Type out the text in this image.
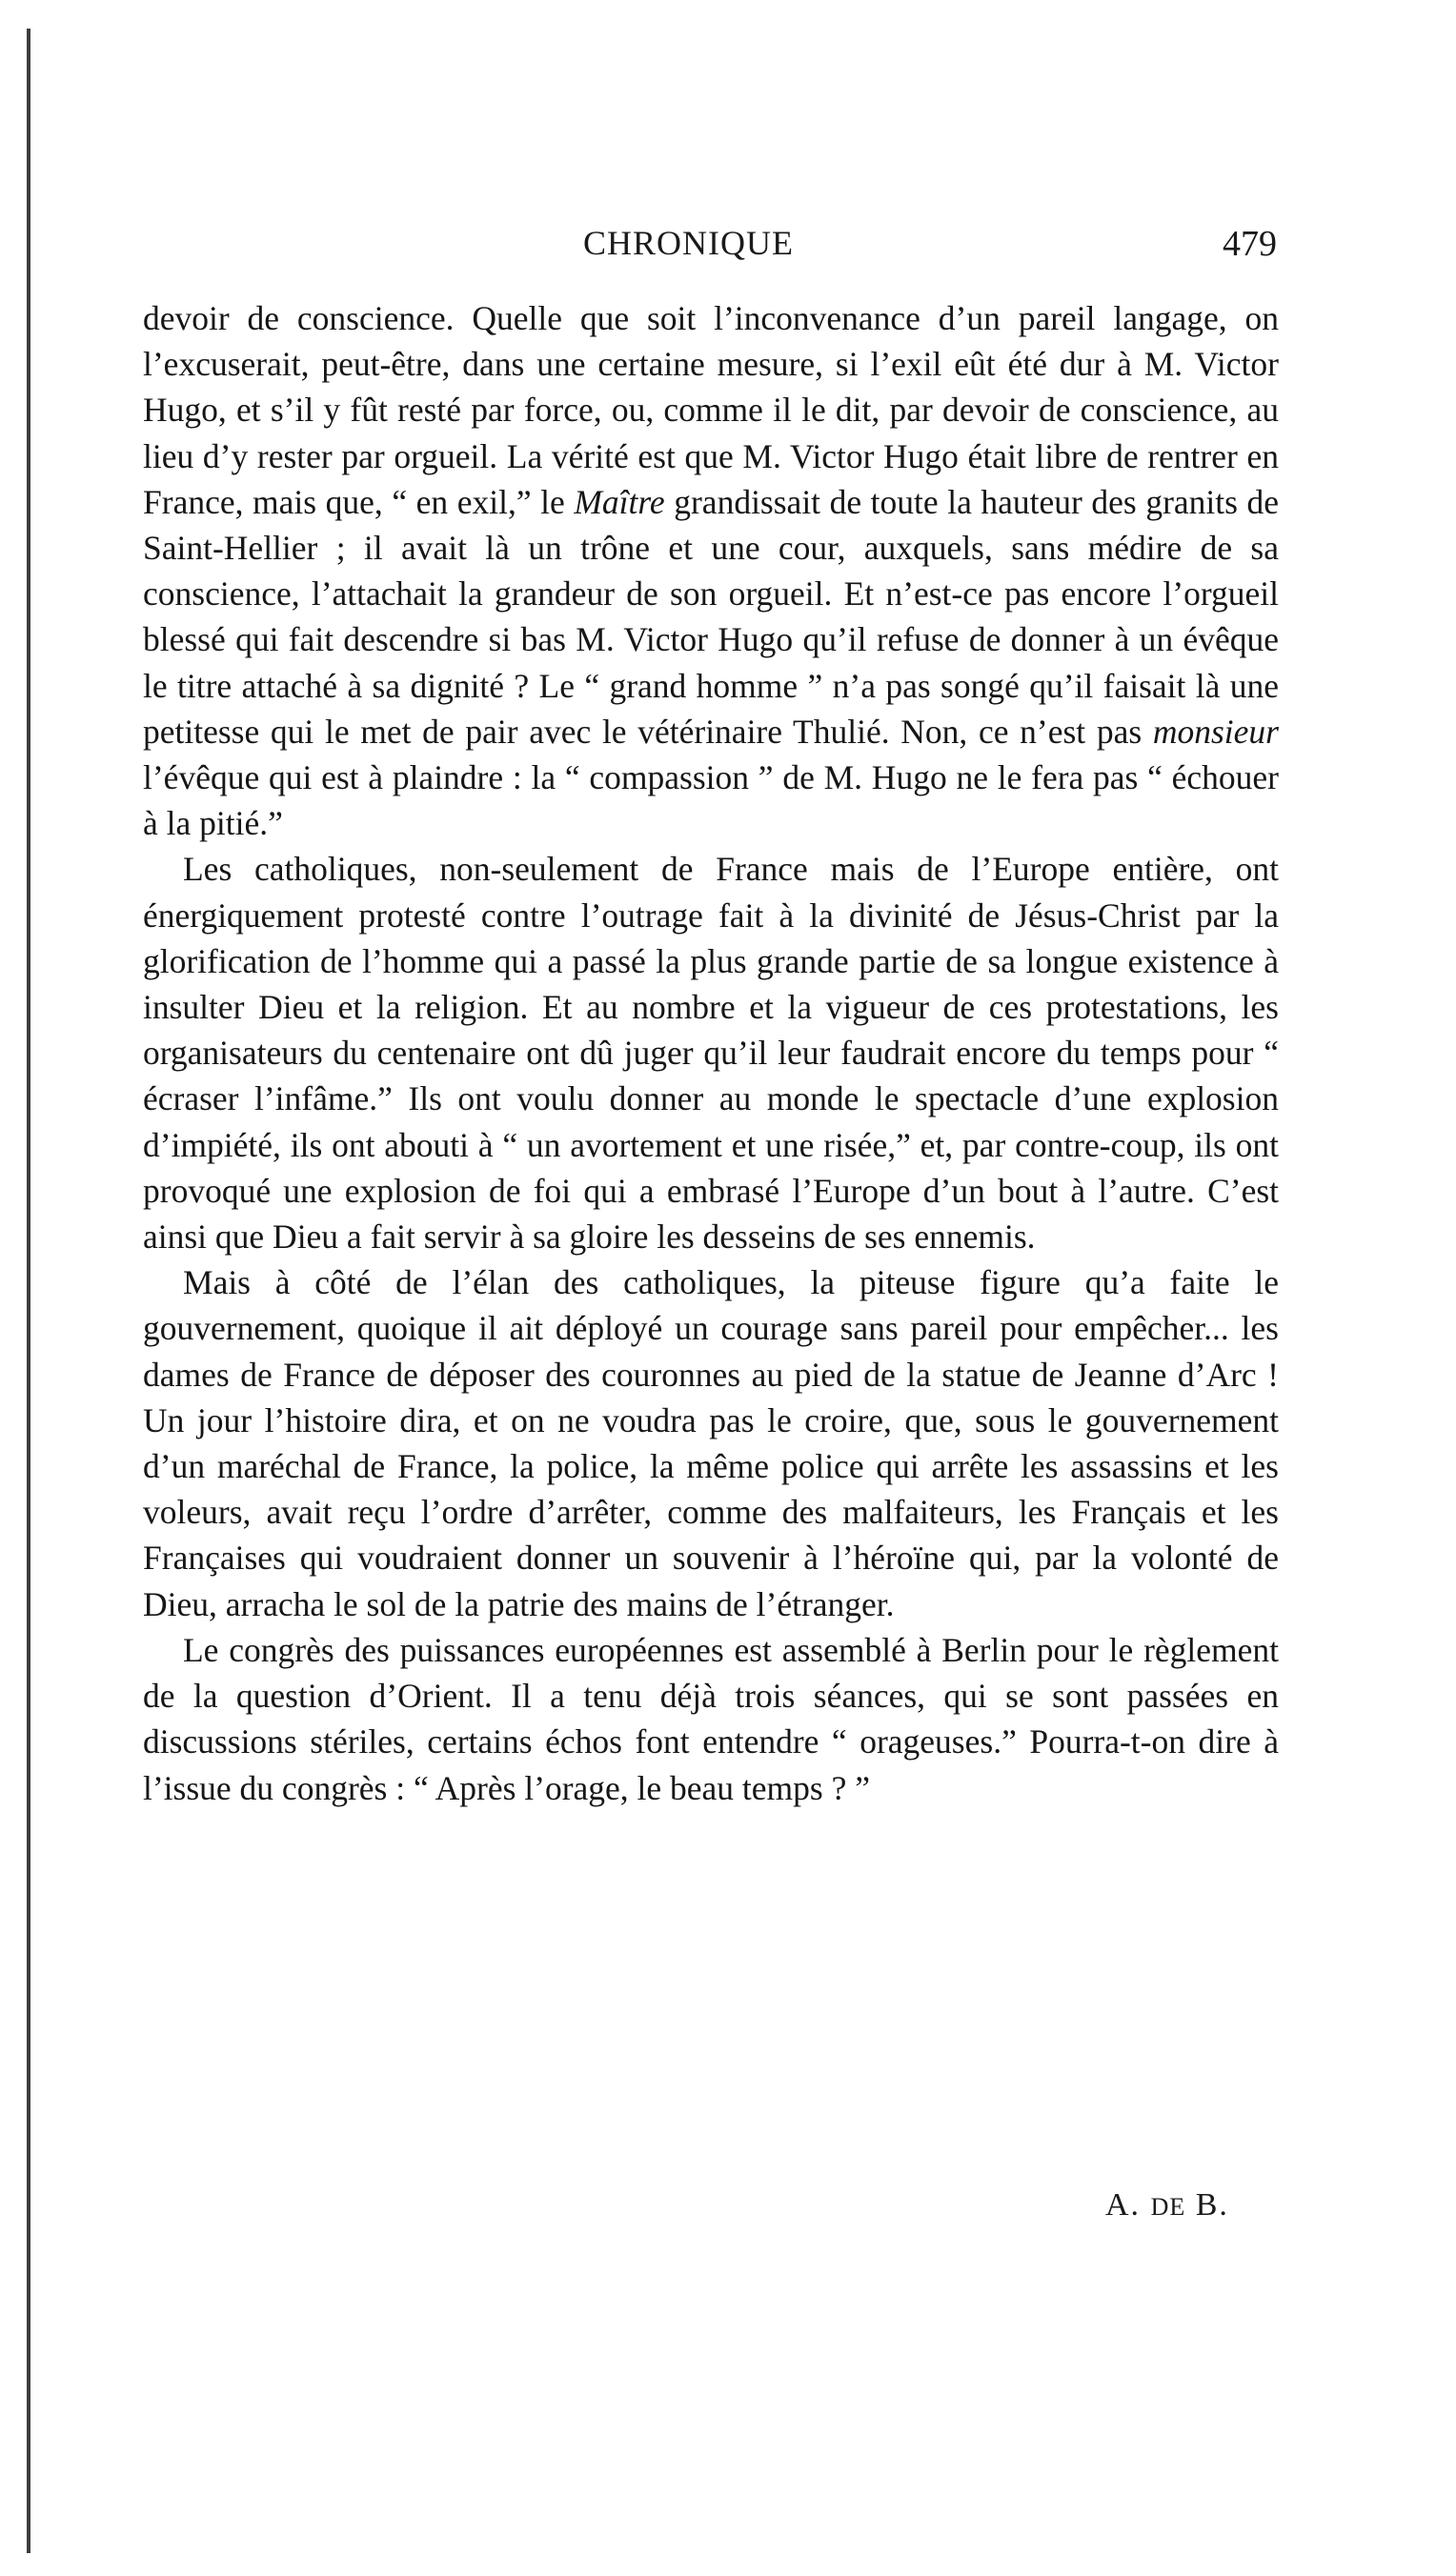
CHRONIQUE	479

devoir de conscience. Quelle que soit l’inconvenance d’un pareil langage, on l’excuserait, peut-être, dans une certaine mesure, si l’exil eût été dur à M. Victor Hugo, et s’il y fût resté par force, ou, comme il le dit, par devoir de conscience, au lieu d’y rester par orgueil. La vérité est que M. Victor Hugo était libre de rentrer en France, mais que, “ en exil,” le Maître grandissait de toute la hauteur des granits de Saint-Hellier ; il avait là un trône et une cour, auxquels, sans médire de sa conscience, l’attachait la grandeur de son orgueil. Et n’est-ce pas encore l’orgueil blessé qui fait descendre si bas M. Victor Hugo qu’il refuse de donner à un évêque le titre attaché à sa dignité ? Le “ grand homme ” n’a pas songé qu’il faisait là une petitesse qui le met de pair avec le vétérinaire Thulié. Non, ce n’est pas monsieur l’évêque qui est à plaindre : la “ compassion ” de M. Hugo ne le fera pas “ échouer à la pitié.”

Les catholiques, non-seulement de France mais de l’Europe entière, ont énergiquement protesté contre l’outrage fait à la divinité de Jésus-Christ par la glorification de l’homme qui a passé la plus grande partie de sa longue existence à insulter Dieu et la religion. Et au nombre et la vigueur de ces protestations, les organisateurs du centenaire ont dû juger qu’il leur faudrait encore du temps pour “ écraser l’infâme.” Ils ont voulu donner au monde le spectacle d’une explosion d’impiété, ils ont abouti à “ un avortement et une risée,” et, par contre-coup, ils ont provoqué une explosion de foi qui a embrasé l’Europe d’un bout à l’autre. C’est ainsi que Dieu a fait servir à sa gloire les desseins de ses ennemis.

Mais à côté de l’élan des catholiques, la piteuse figure qu’a faite le gouvernement, quoique il ait déployé un courage sans pareil pour empêcher... les dames de France de déposer des couronnes au pied de la statue de Jeanne d’Arc ! Un jour l’histoire dira, et on ne voudra pas le croire, que, sous le gouvernement d’un maréchal de France, la police, la même police qui arrête les assassins et les voleurs, avait reçu l’ordre d’arrêter, comme des malfaiteurs, les Français et les Françaises qui voudraient donner un souvenir à l’héroïne qui, par la volonté de Dieu, arracha le sol de la patrie des mains de l’étranger.

Le congrès des puissances européennes est assemblé à Berlin pour le règlement de la question d’Orient. Il a tenu déjà trois séances, qui se sont passées en discussions stériles, certains échos font entendre “ orageuses.” Pourra-t-on dire à l’issue du congrès : “ Après l’orage, le beau temps ? ”

A. DE B.
